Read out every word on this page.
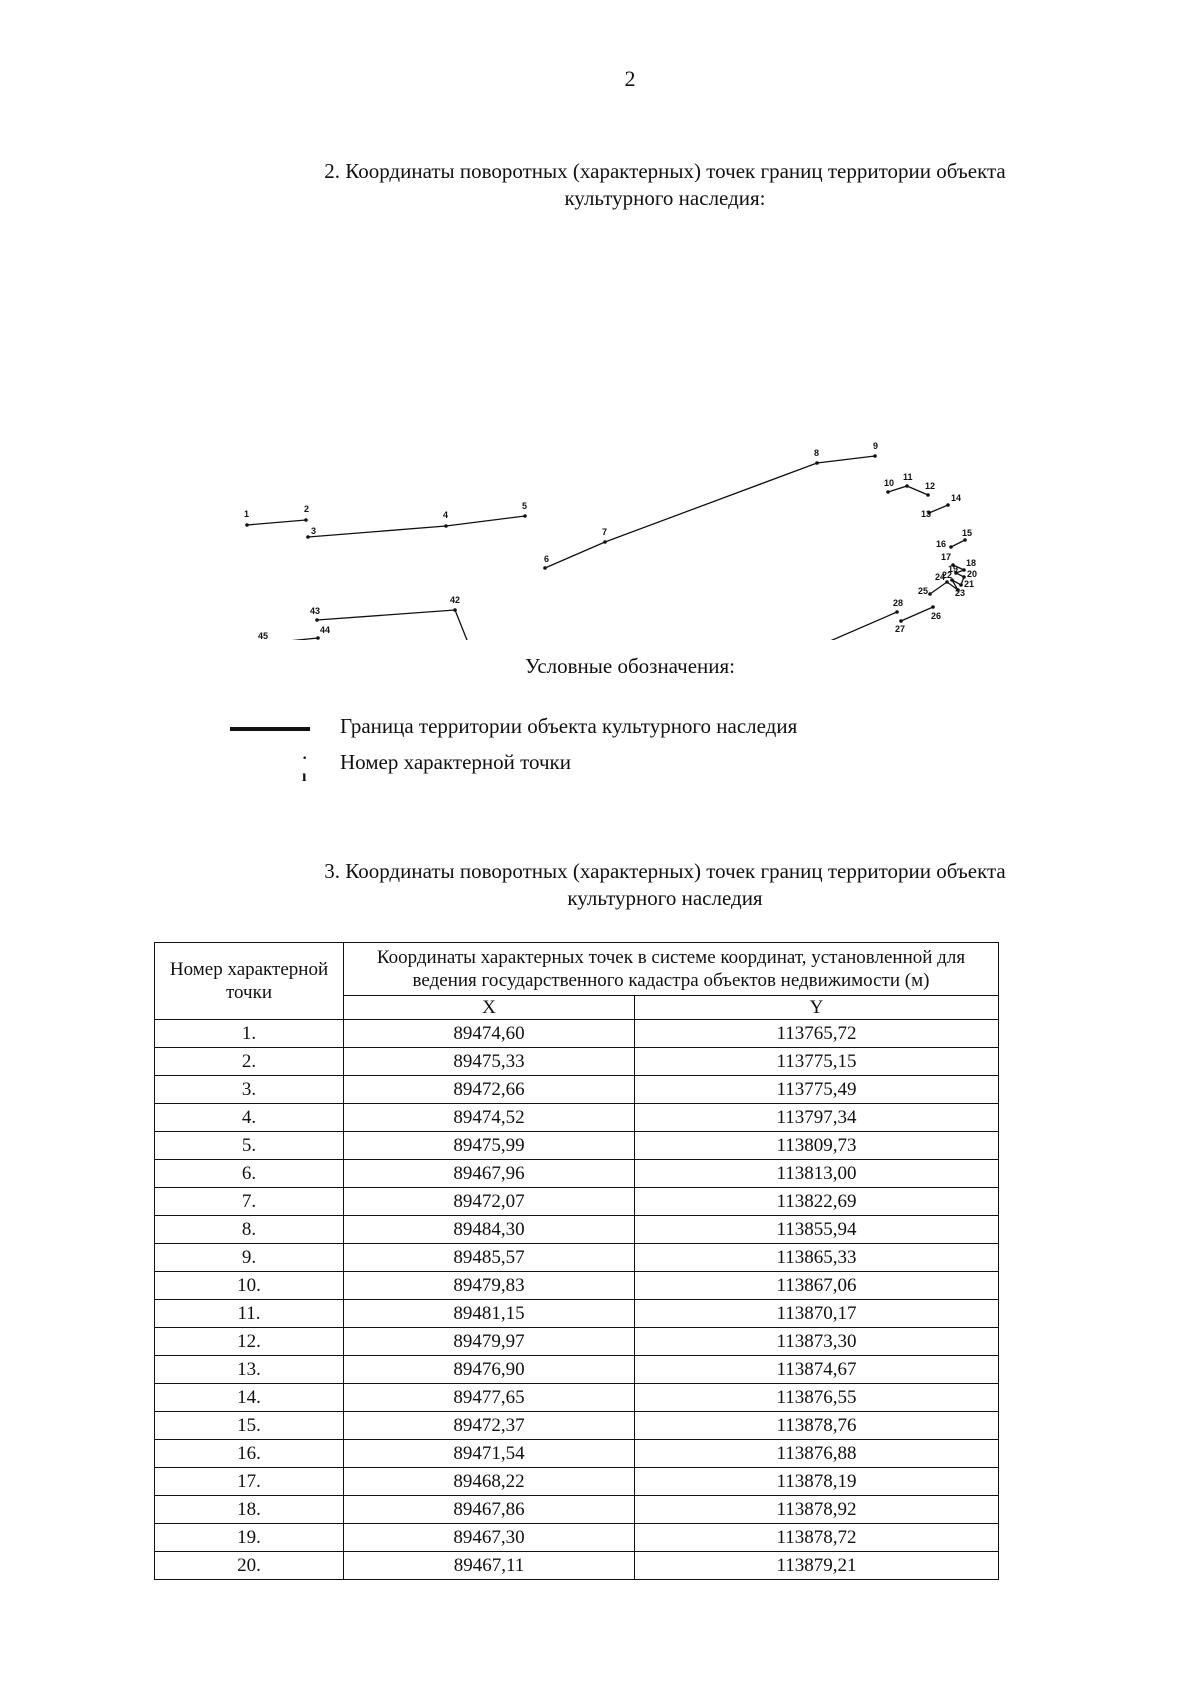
2
2. Координаты поворотных (характерных) точек границ территории объекта
культурного наследия:
1	2
3
4
5
6
7
8
9
10
11
12
13
14
15
16
17
18
19 20
21
22
23
24
25
26
27
28
42
43
44
45
Условные обозначения:
Граница территории объекта культурного наследия
· ı
Номер характерной точки
3. Координаты поворотных (характерных) точек границ территории объекта
культурного наследия
Номер характерной точки	Координаты характерных точек в системе координат, установленной для ведения государственного кадастра объектов недвижимости (м)	
	X	Y
1.	89474,60	113765,72
2.	89475,33	113775,15
3.	89472,66	113775,49
4.	89474,52	113797,34
5.	89475,99	113809,73
6.	89467,96	113813,00
7.	89472,07	113822,69
8.	89484,30	113855,94
9.	89485,57	113865,33
10.	89479,83	113867,06
11.	89481,15	113870,17
12.	89479,97	113873,30
13.	89476,90	113874,67
14.	89477,65	113876,55
15.	89472,37	113878,76
16.	89471,54	113876,88
17.	89468,22	113878,19
18.	89467,86	113878,92
19.	89467,30	113878,72
20.	89467,11	113879,21
